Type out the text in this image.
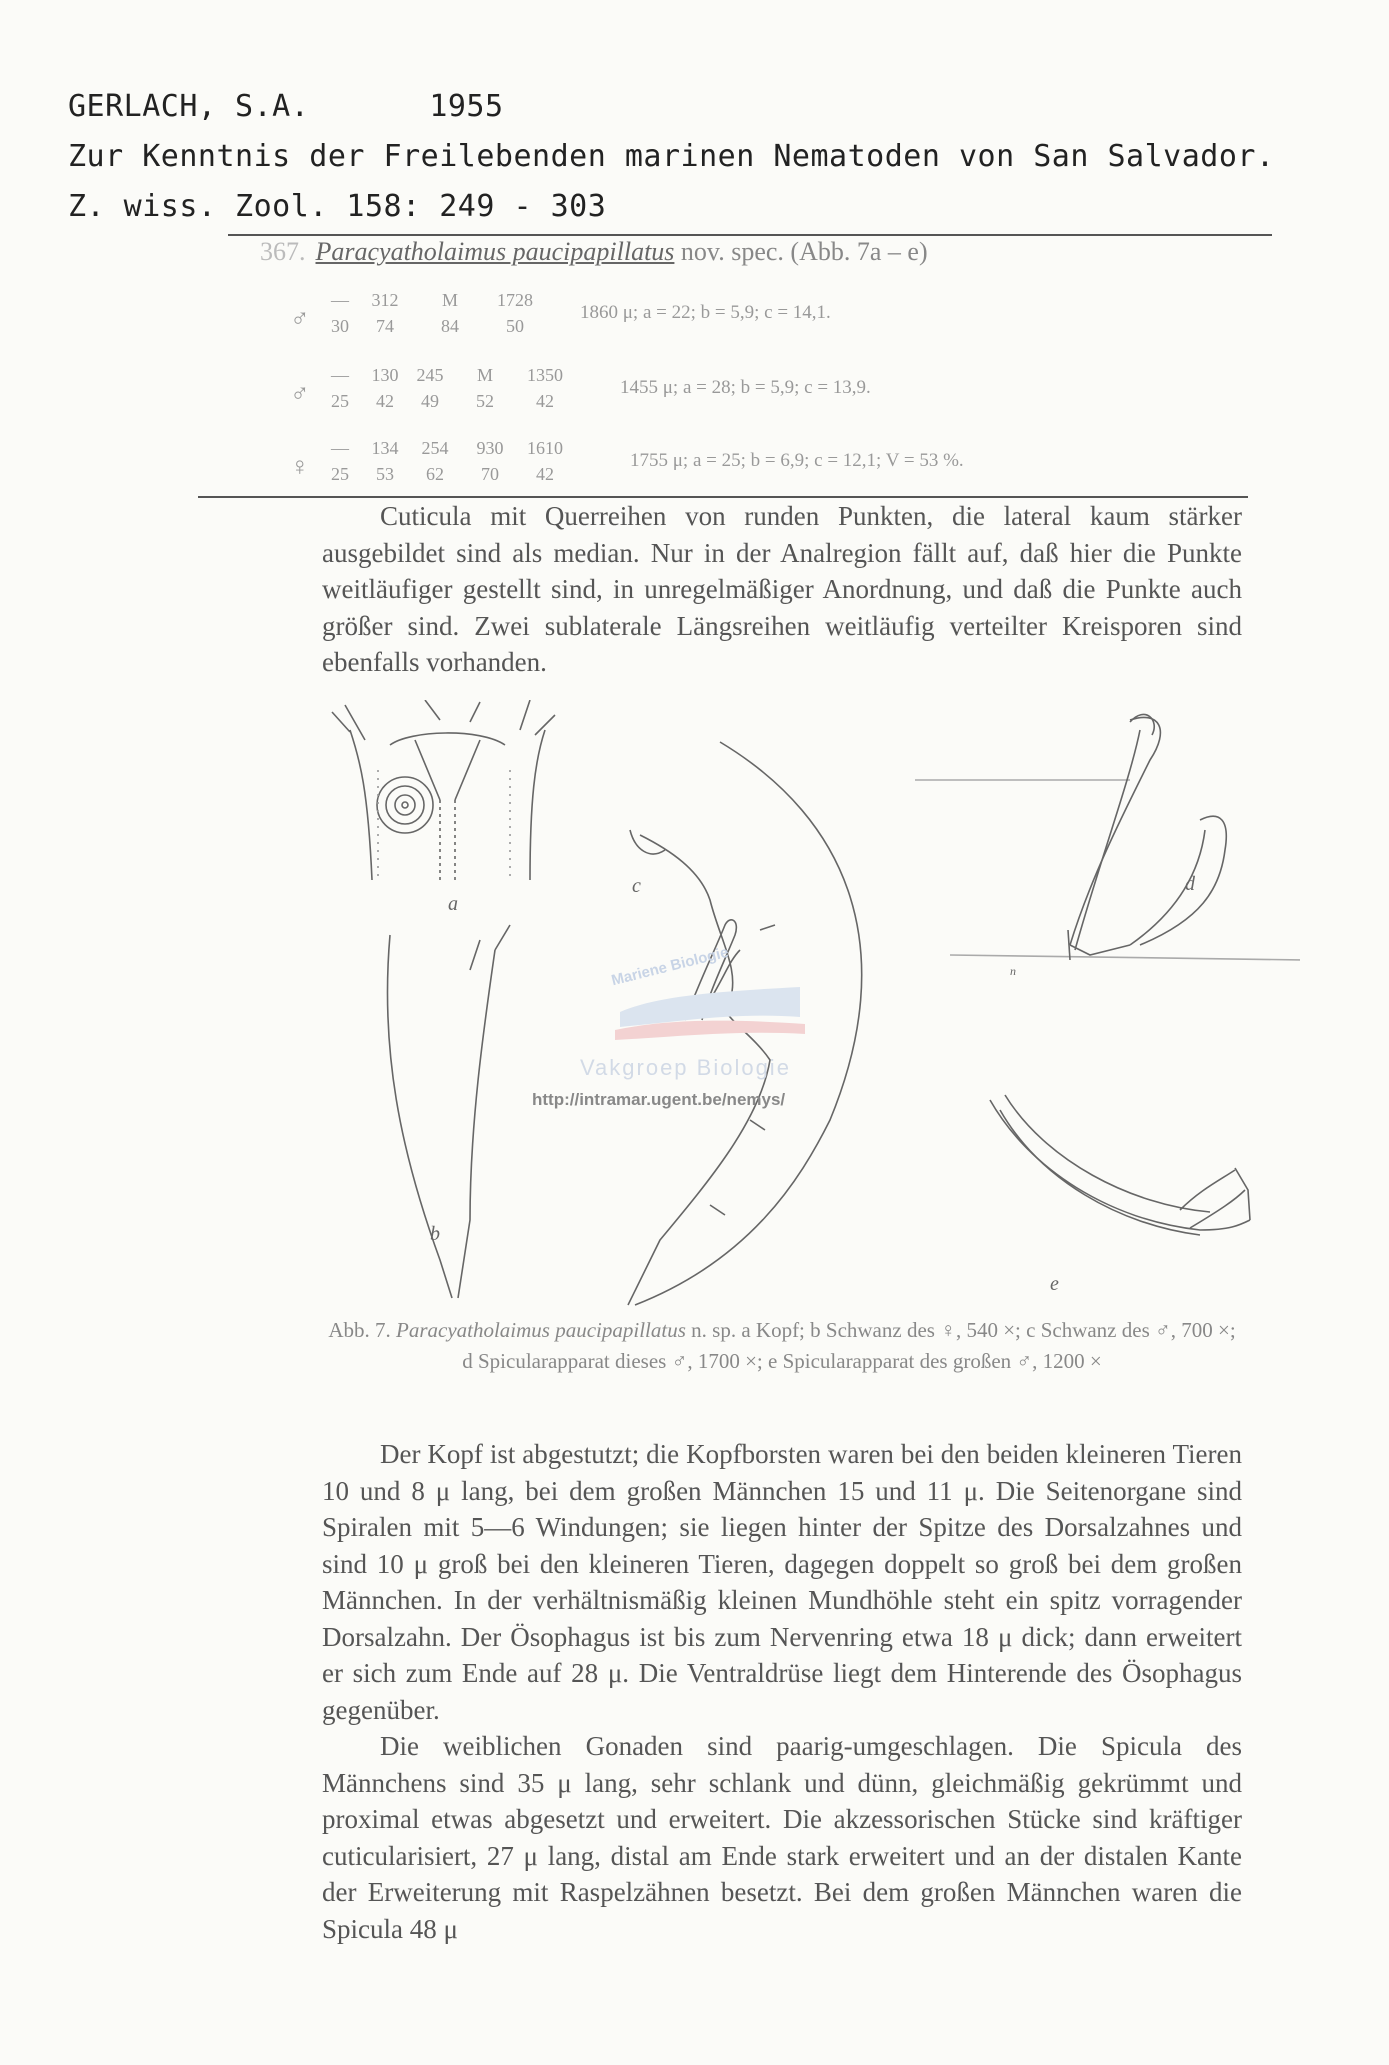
GERLACH, S.A.	1955
Zur Kenntnis der Freilebenden marinen Nematoden von San Salvador.
Z. wiss. Zool. 158: 249 - 303
367. Paracyatholaimus paucipapillatus nov. spec. (Abb. 7a – e)
♂
—
30
312
74
M
84
1728
50
1860 μ; a = 22; b = 5,9; c = 14,1.
♂
—
25
130
42
245
49
M
52
1350
42
1455 μ; a = 28; b = 5,9; c = 13,9.
♀
—
25
134
53
254
62
930
70
1610
42
1755 μ; a = 25; b = 6,9; c = 12,1; V = 53 %.

Cuticula mit Querreihen von runden Punkten, die lateral kaum stärker ausgebildet sind als median. Nur in der Analregion fällt auf, daß hier die Punkte weitläufiger gestellt sind, in unregelmäßiger Anordnung, und daß die Punkte auch größer sind. Zwei sublaterale Längsreihen weitläufig verteilter Kreisporen sind ebenfalls vorhanden.

a
b
c	d
n
e
Mariene Biologie
Vakgroep Biologie
http://intramar.ugent.be/nemys/
Abb. 7. Paracyatholaimus paucipapillatus n. sp. a Kopf; b Schwanz des ♀, 540 ×; c Schwanz des ♂, 700 ×; d Spicularapparat dieses ♂, 1700 ×; e Spicularapparat des großen ♂, 1200 ×

Der Kopf ist abgestutzt; die Kopfborsten waren bei den beiden kleineren Tieren 10 und 8 μ lang, bei dem großen Männchen 15 und 11 μ. Die Seitenorgane sind Spiralen mit 5—6 Windungen; sie liegen hinter der Spitze des Dorsalzahnes und sind 10 μ groß bei den kleineren Tieren, dagegen doppelt so groß bei dem großen Männchen. In der verhältnismäßig kleinen Mundhöhle steht ein spitz vorragender Dorsalzahn. Der Ösophagus ist bis zum Nervenring etwa 18 μ dick; dann erweitert er sich zum Ende auf 28 μ. Die Ventraldrüse liegt dem Hinterende des Ösophagus gegenüber.

Die weiblichen Gonaden sind paarig-umgeschlagen. Die Spicula des Männchens sind 35 μ lang, sehr schlank und dünn, gleichmäßig gekrümmt und proximal etwas abgesetzt und erweitert. Die akzessorischen Stücke sind kräftiger cuticularisiert, 27 μ lang, distal am Ende stark erweitert und an der distalen Kante der Erweiterung mit Raspelzähnen besetzt. Bei dem großen Männchen waren die Spicula 48 μ
